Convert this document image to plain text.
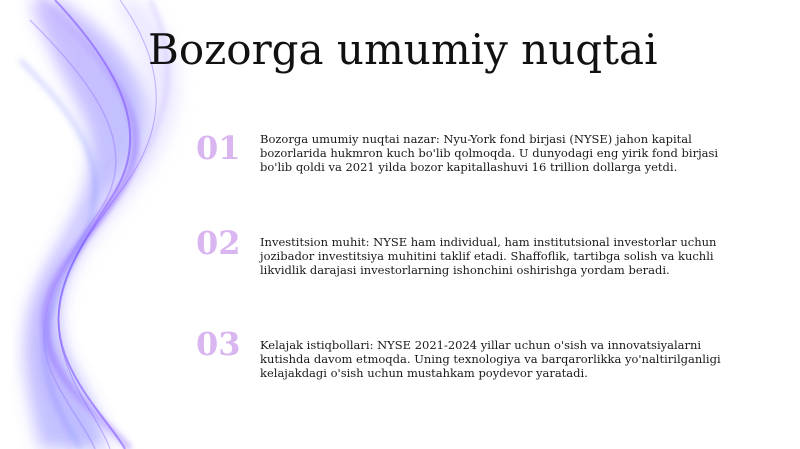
Bozorga umumiy nuqtai
01	Bozorga umumiy nuqtai nazar: Nyu-York fond birjasi (NYSE) jahon kapital bozorlarida hukmron kuch bo'lib qolmoqda. U dunyodagi eng yirik fond birjasi bo'lib qoldi va 2021 yilda bozor kapitallashuvi 16 trillion dollarga yetdi.

02	Investitsion muhit: NYSE ham individual, ham institutsional investorlar uchun jozibador investitsiya muhitini taklif etadi. Shaffoflik, tartibga solish va kuchli likvidlik darajasi investorlarning ishonchini oshirishga yordam beradi.

03	Kelajak istiqbollari: NYSE 2021-2024 yillar uchun o'sish va innovatsiyalarni kutishda davom etmoqda. Uning texnologiya va barqarorlikka yo'naltirilganligi kelajakdagi o'sish uchun mustahkam poydevor yaratadi.
